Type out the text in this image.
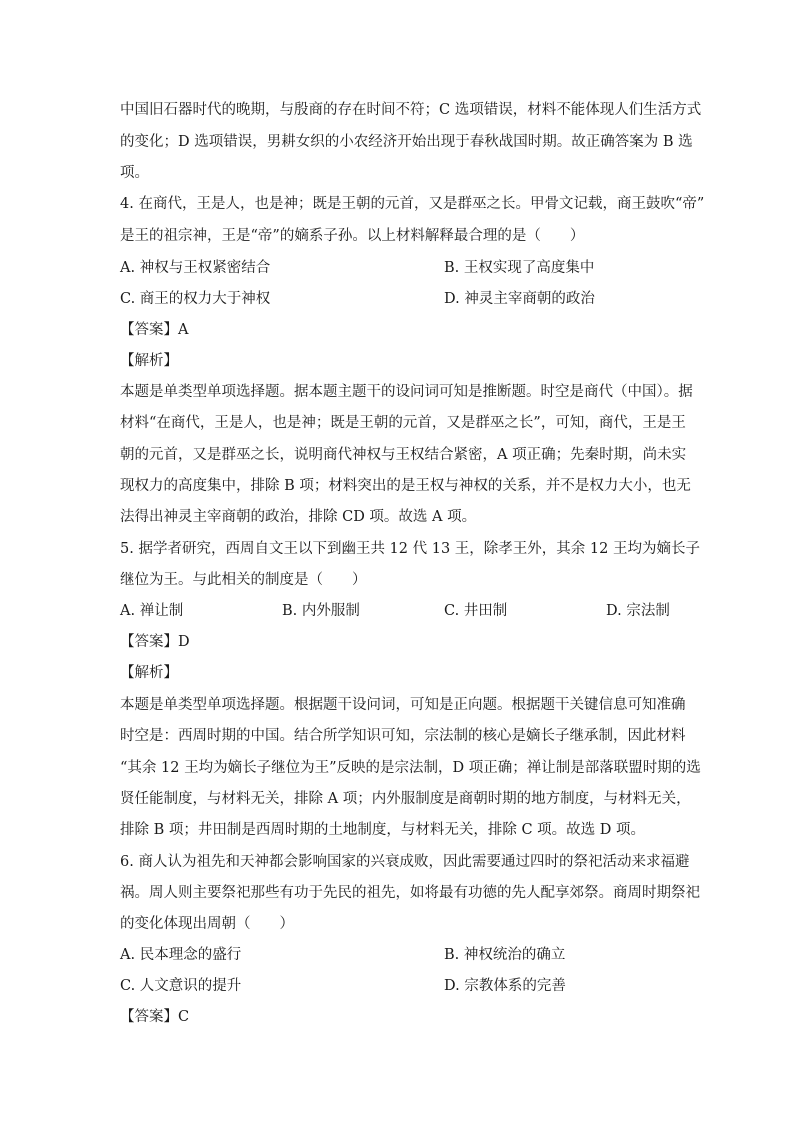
中国旧石器时代的晚期，与殷商的存在时间不符；C 选项错误，材料不能体现人们生活方式
的变化；D 选项错误，男耕女织的小农经济开始出现于春秋战国时期。故正确答案为 B 选
项。
4. 在商代，王是人，也是神；既是王朝的元首，又是群巫之长。甲骨文记载，商王鼓吹“帝”
是王的祖宗神，王是“帝”的嫡系子孙。以上材料解释最合理的是（　　）
A. 神权与王权紧密结合	B. 王权实现了高度集中
C. 商王的权力大于神权	D. 神灵主宰商朝的政治
【答案】A
【解析】
本题是单类型单项选择题。据本题主题干的设问词可知是推断题。时空是商代（中国）。据
材料“在商代，王是人，也是神；既是王朝的元首，又是群巫之长”，可知，商代，王是王
朝的元首，又是群巫之长，说明商代神权与王权结合紧密，A 项正确；先秦时期，尚未实
现权力的高度集中，排除 B 项；材料突出的是王权与神权的关系，并不是权力大小，也无
法得出神灵主宰商朝的政治，排除 CD 项。故选 A 项。
5. 据学者研究，西周自文王以下到幽王共 12 代 13 王，除孝王外，其余 12 王均为嫡长子
继位为王。与此相关的制度是（　　）
A. 禅让制	B. 内外服制	C. 井田制	D. 宗法制
【答案】D
【解析】
本题是单类型单项选择题。根据题干设问词，可知是正向题。根据题干关键信息可知准确
时空是：西周时期的中国。结合所学知识可知，宗法制的核心是嫡长子继承制，因此材料
“其余 12 王均为嫡长子继位为王”反映的是宗法制，D 项正确；禅让制是部落联盟时期的选
贤任能制度，与材料无关，排除 A 项；内外服制度是商朝时期的地方制度，与材料无关，
排除 B 项；井田制是西周时期的土地制度，与材料无关，排除 C 项。故选 D 项。
6. 商人认为祖先和天神都会影响国家的兴衰成败，因此需要通过四时的祭祀活动来求福避
祸。周人则主要祭祀那些有功于先民的祖先，如将最有功德的先人配享郊祭。商周时期祭祀
的变化体现出周朝（　　）
A. 民本理念的盛行	B. 神权统治的确立
C. 人文意识的提升	D. 宗教体系的完善
【答案】C
